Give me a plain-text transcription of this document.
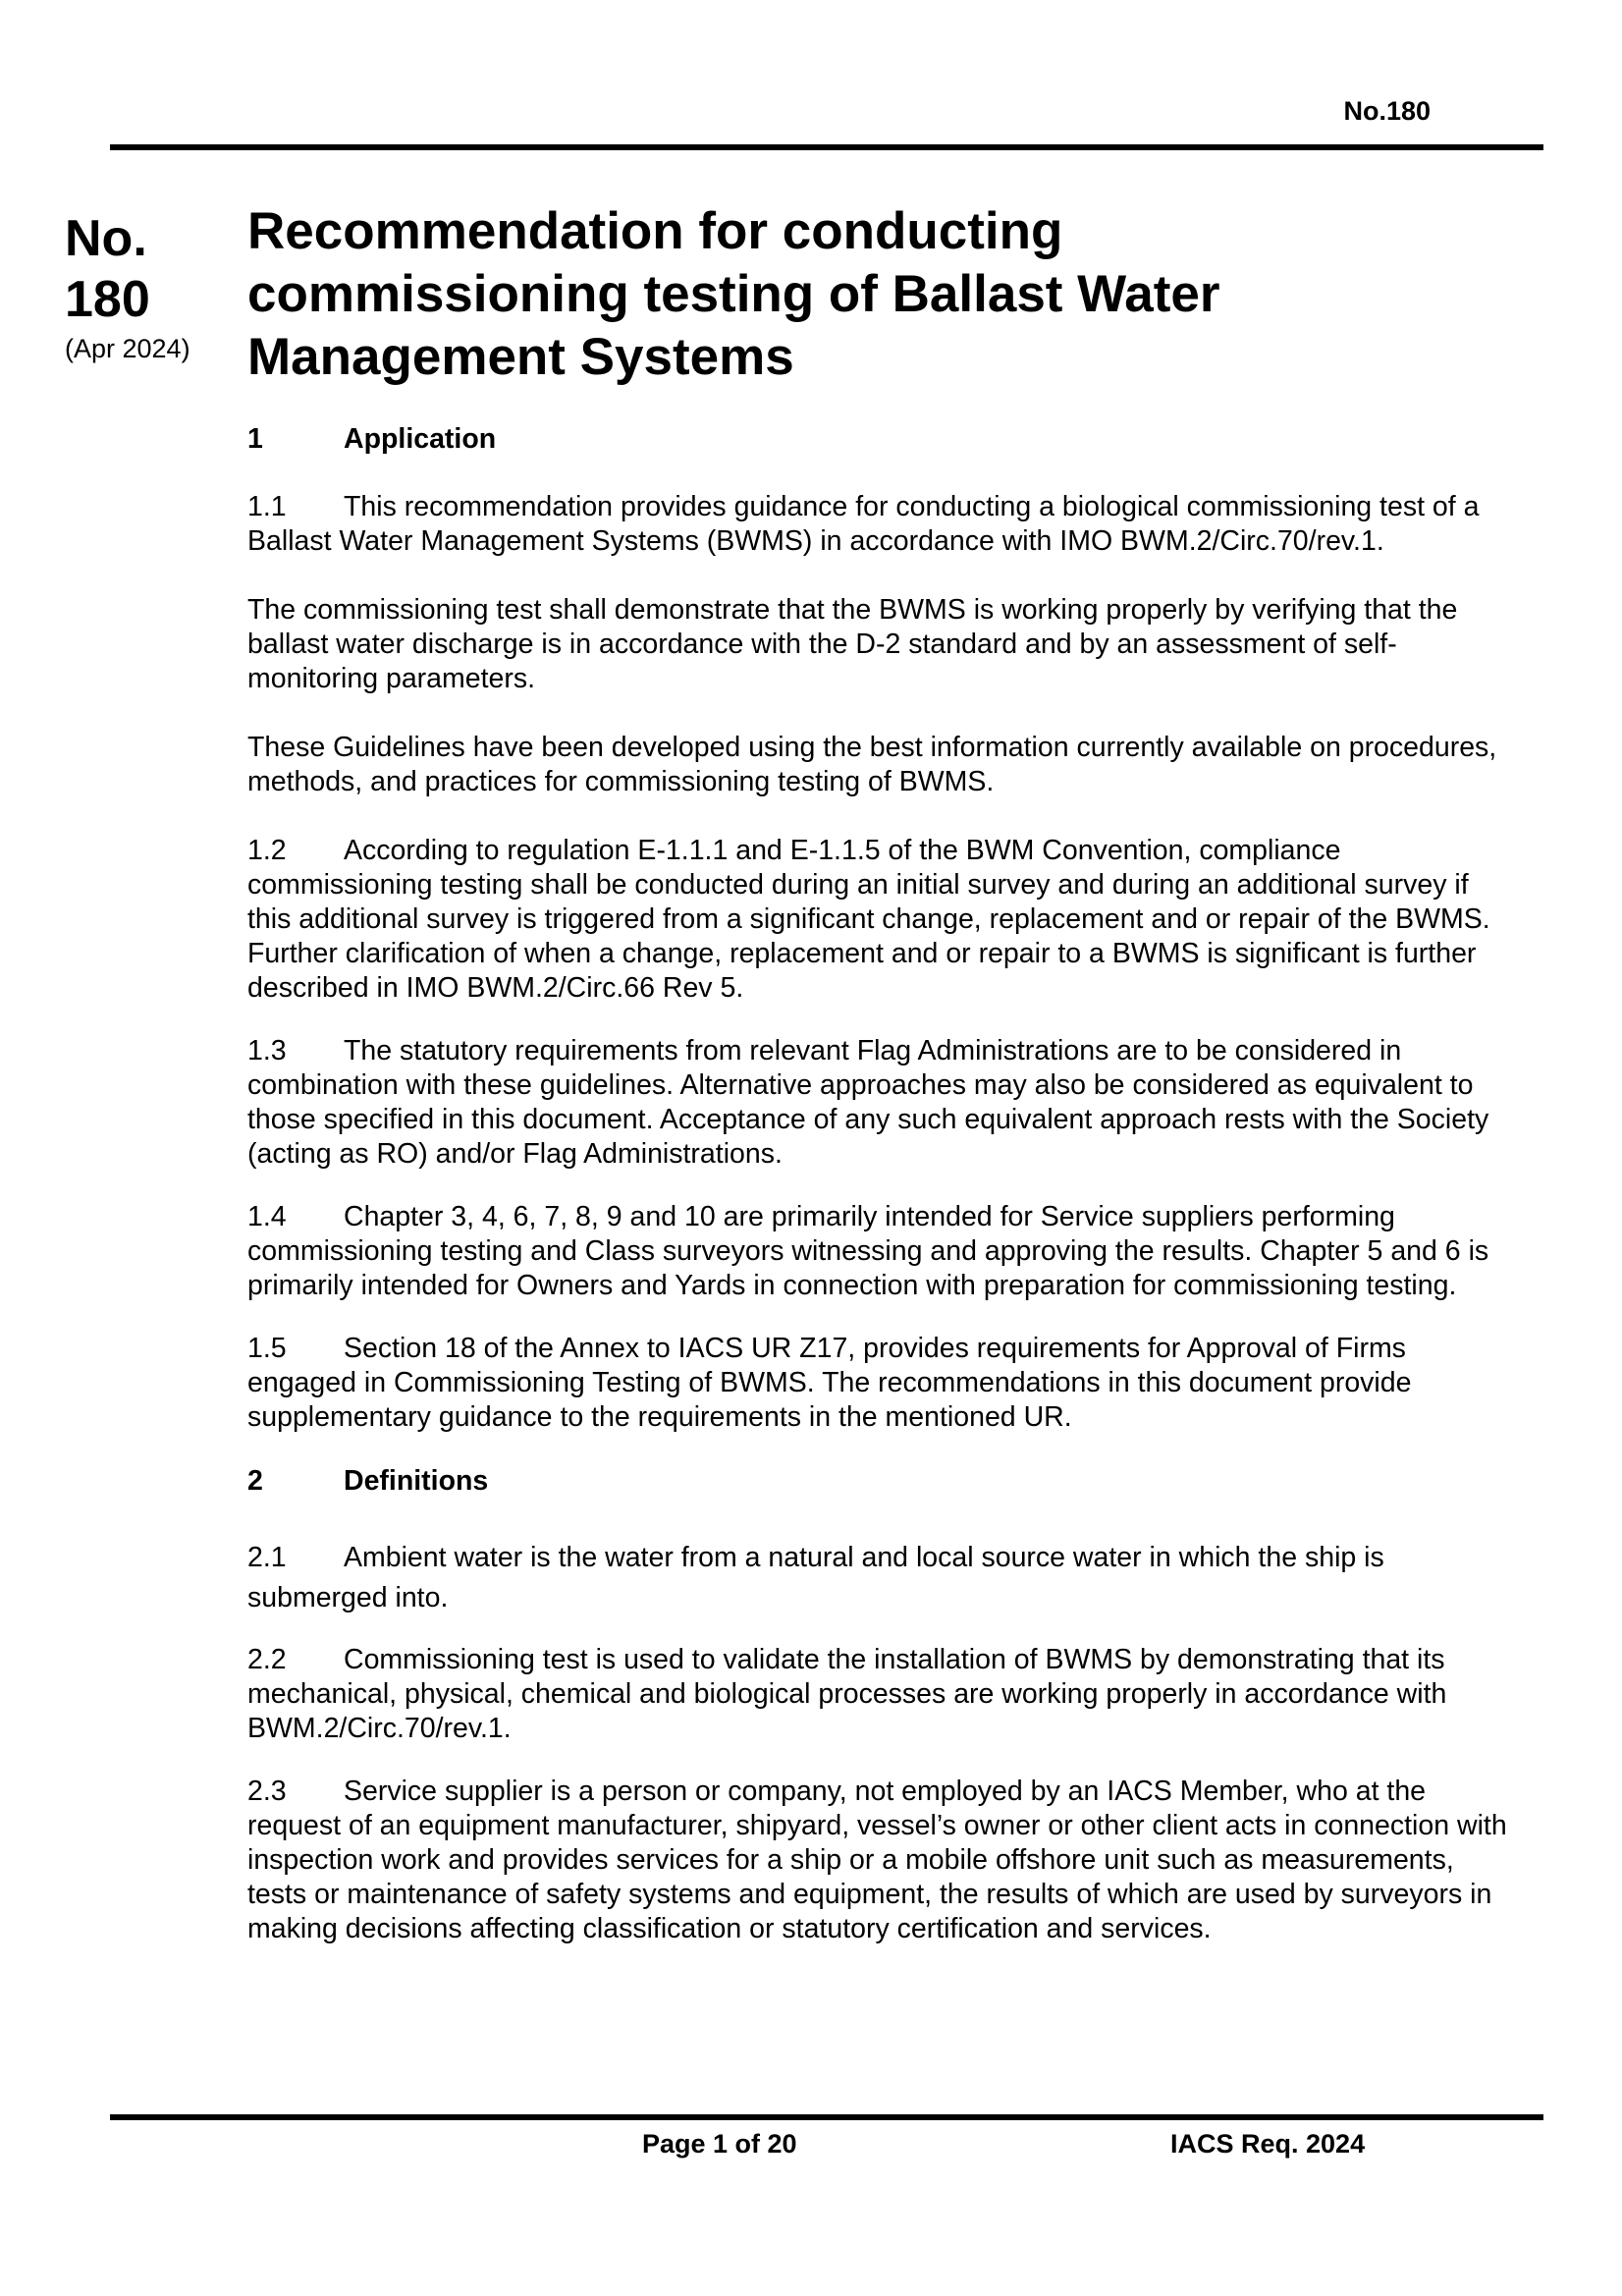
No.180
No.
180
(Apr 2024)
Recommendation for conducting
commissioning testing of Ballast Water
Management Systems
1	Application

1.1 This recommendation provides guidance for conducting a biological commissioning test of a Ballast Water Management Systems (BWMS) in accordance with IMO BWM.2/Circ.70/rev.1.

The commissioning test shall demonstrate that the BWMS is working properly by verifying that the ballast water discharge is in accordance with the D-2 standard and by an assessment of self-monitoring parameters.

These Guidelines have been developed using the best information currently available on procedures, methods, and practices for commissioning testing of BWMS.

1.2 According to regulation E-1.1.1 and E-1.1.5 of the BWM Convention, compliance commissioning testing shall be conducted during an initial survey and during an additional survey if this additional survey is triggered from a significant change, replacement and or repair of the BWMS. Further clarification of when a change, replacement and or repair to a BWMS is significant is further described in IMO BWM.2/Circ.66 Rev 5.

1.3 The statutory requirements from relevant Flag Administrations are to be considered in combination with these guidelines. Alternative approaches may also be considered as equivalent to those specified in this document. Acceptance of any such equivalent approach rests with the Society (acting as RO) and/or Flag Administrations.

1.4 Chapter 3, 4, 6, 7, 8, 9 and 10 are primarily intended for Service suppliers performing commissioning testing and Class surveyors witnessing and approving the results. Chapter 5 and 6 is primarily intended for Owners and Yards in connection with preparation for commissioning testing.

1.5 Section 18 of the Annex to IACS UR Z17, provides requirements for Approval of Firms engaged in Commissioning Testing of BWMS. The recommendations in this document provide supplementary guidance to the requirements in the mentioned UR.

2	Definitions

2.1 Ambient water is the water from a natural and local source water in which the ship is submerged into.

2.2 Commissioning test is used to validate the installation of BWMS by demonstrating that its mechanical, physical, chemical and biological processes are working properly in accordance with BWM.2/Circ.70/rev.1.

2.3 Service supplier is a person or company, not employed by an IACS Member, who at the request of an equipment manufacturer, shipyard, vessel’s owner or other client acts in connection with inspection work and provides services for a ship or a mobile offshore unit such as measurements, tests or maintenance of safety systems and equipment, the results of which are used by surveyors in making decisions affecting classification or statutory certification and services.

Page 1 of 20	IACS Req. 2024
